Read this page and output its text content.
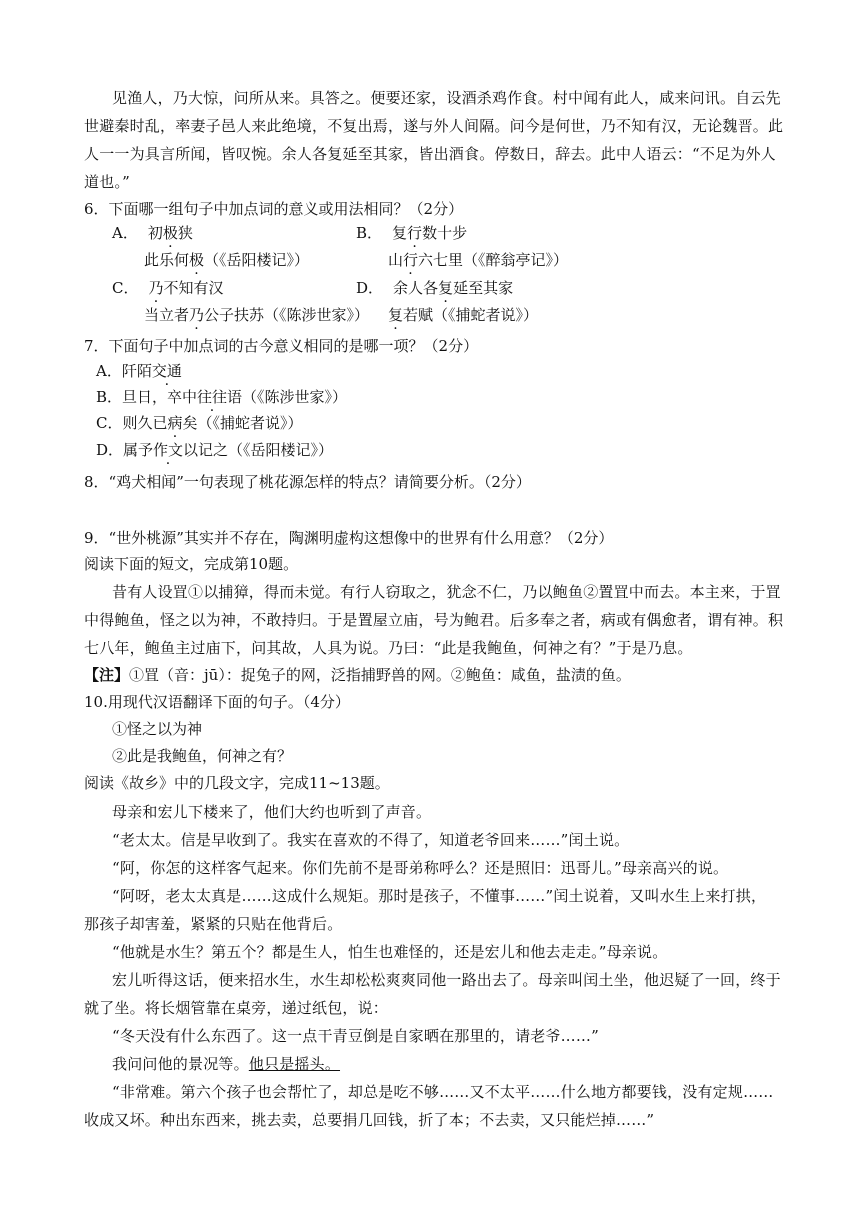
见渔人，乃大惊，问所从来。具答之。便要还家，设酒杀鸡作食。村中闻有此人，咸来问讯。自云先
世避秦时乱，率妻子邑人来此绝境，不复出焉，遂与外人间隔。问今是何世，乃不知有汉，无论魏晋。此
人一一为具言所闻，皆叹惋。余人各复延至其家，皆出酒食。停数日，辞去。此中人语云：“不足为外人
道也。”
6．下面哪一组句子中加点词的意义或用法相同？（2分）
A． 初极狭	B． 复行数十步
此乐何极（《岳阳楼记》）	山行六七里（《醉翁亭记》）
C． 乃不知有汉	D． 余人各复延至其家
当立者乃公子扶苏（《陈涉世家》） 复若赋（《捕蛇者说》）
7．下面句子中加点词的古今意义相同的是哪一项？（2分）
A．阡陌交通
B．旦日，卒中往往语（《陈涉世家》）
C．则久已病矣（《捕蛇者说》）
D．属予作文以记之（《岳阳楼记》）
8．“鸡犬相闻”一句表现了桃花源怎样的特点？请简要分析。（2分）
9．“世外桃源”其实并不存在，陶渊明虚构这想像中的世界有什么用意？（2分）
阅读下面的短文，完成第10题。
昔有人设罝①以捕獐，得而未觉。有行人窃取之，犹念不仁，乃以鲍鱼②置罝中而去。本主来，于罝
中得鲍鱼，怪之以为神，不敢持归。于是置屋立庙，号为鲍君。后多奉之者，病或有偶愈者，谓有神。积
七八年，鲍鱼主过庙下，问其故，人具为说。乃曰：“此是我鲍鱼，何神之有？”于是乃息。
【注】①罝（音：jū）：捉兔子的网，泛指捕野兽的网。②鲍鱼：咸鱼，盐渍的鱼。
10.用现代汉语翻译下面的句子。（4分）
①怪之以为神
②此是我鲍鱼，何神之有？
阅读《故乡》中的几段文字，完成11~13题。
母亲和宏儿下楼来了，他们大约也听到了声音。
“老太太。信是早收到了。我实在喜欢的不得了，知道老爷回来……”闰土说。
“阿，你怎的这样客气起来。你们先前不是哥弟称呼么？还是照旧：迅哥儿。”母亲高兴的说。
“阿呀，老太太真是……这成什么规矩。那时是孩子，不懂事……”闰土说着，又叫水生上来打拱，
那孩子却害羞，紧紧的只贴在他背后。
“他就是水生？第五个？都是生人，怕生也难怪的，还是宏儿和他去走走。”母亲说。
宏儿听得这话，便来招水生，水生却松松爽爽同他一路出去了。母亲叫闰土坐，他迟疑了一回，终于
就了坐。将长烟管靠在桌旁，递过纸包，说：
“冬天没有什么东西了。这一点干青豆倒是自家晒在那里的，请老爷……”
我问问他的景况等。他只是摇头。
“非常难。第六个孩子也会帮忙了，却总是吃不够……又不太平……什么地方都要钱，没有定规……
收成又坏。种出东西来，挑去卖，总要捐几回钱，折了本；不去卖，又只能烂掉……”
